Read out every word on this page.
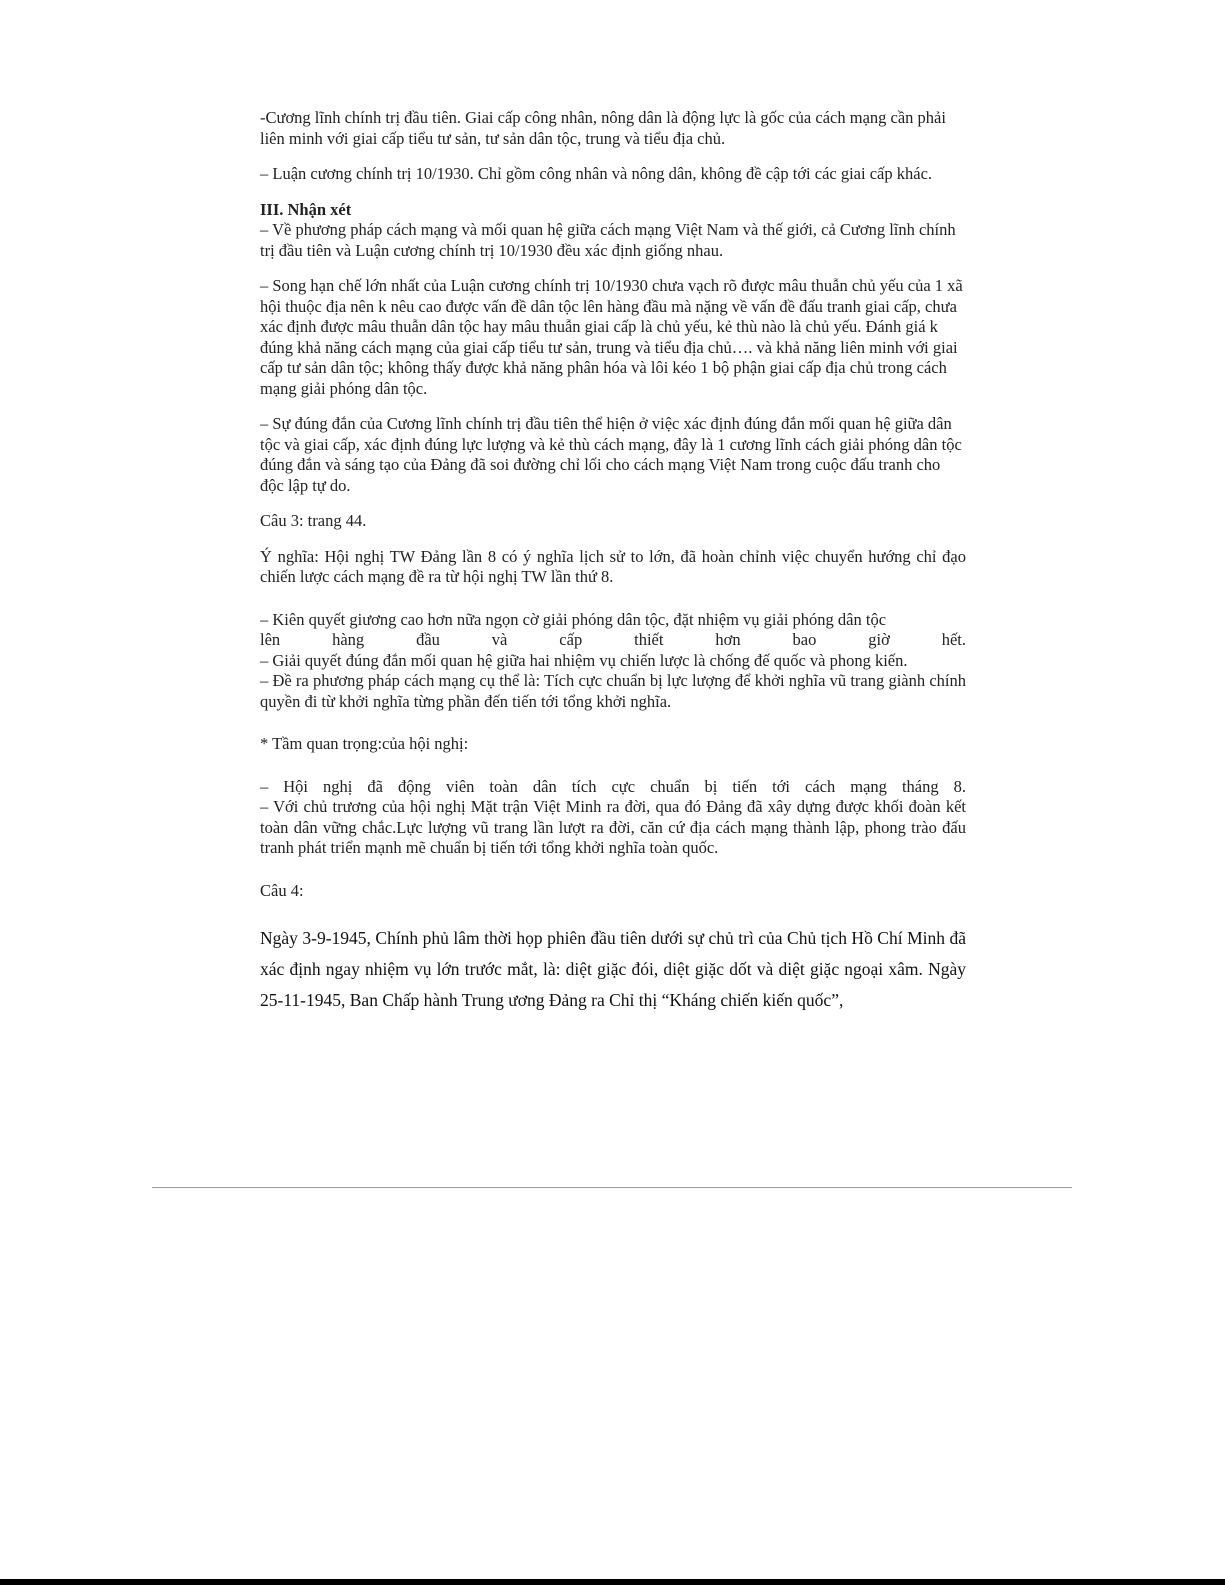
-Cương lĩnh chính trị đầu tiên. Giai cấp công nhân, nông dân là động lực là gốc của cách mạng cần phải liên minh với giai cấp tiểu tư sản, tư sản dân tộc, trung và tiểu địa chủ.

– Luận cương chính trị 10/1930. Chỉ gồm công nhân và nông dân, không đề cập tới các giai cấp khác.

III. Nhận xét

– Về phương pháp cách mạng và mối quan hệ giữa cách mạng Việt Nam và thế giới, cả Cương lĩnh chính trị đầu tiên và Luận cương chính trị 10/1930 đều xác định giống nhau.

– Song hạn chế lớn nhất của Luận cương chính trị 10/1930 chưa vạch rõ được mâu thuẫn chủ yếu của 1 xã hội thuộc địa nên k nêu cao được vấn đề dân tộc lên hàng đầu mà nặng về vấn đề đấu tranh giai cấp, chưa xác định được mâu thuẫn dân tộc hay mâu thuẫn giai cấp là chủ yếu, kẻ thù nào là chủ yếu. Đánh giá k đúng khả năng cách mạng của giai cấp tiểu tư sản, trung và tiểu địa chủ…. và khả năng liên minh với giai cấp tư sản dân tộc; không thấy được khả năng phân hóa và lôi kéo 1 bộ phận giai cấp địa chủ trong cách mạng giải phóng dân tộc.

– Sự đúng đắn của Cương lĩnh chính trị đầu tiên thể hiện ở việc xác định đúng đắn mối quan hệ giữa dân tộc và giai cấp, xác định đúng lực lượng và kẻ thù cách mạng, đây là 1 cương lĩnh cách giải phóng dân tộc đúng đắn và sáng tạo của Đảng đã soi đường chỉ lối cho cách mạng Việt Nam trong cuộc đấu tranh cho độc lập tự do.

Câu 3: trang 44.

Ý nghĩa: Hội nghị TW Đảng lần 8 có ý nghĩa lịch sử to lớn, đã hoàn chỉnh việc chuyển hướng chỉ đạo chiến lược cách mạng đề ra từ hội nghị TW lần thứ 8.

– Kiên quyết giương cao hơn nữa ngọn cờ giải phóng dân tộc, đặt nhiệm vụ giải phóng dân tộc
lên hàng đầu và cấp thiết hơn bao giờ hết.
– Giải quyết đúng đắn mối quan hệ giữa hai nhiệm vụ chiến lược là chống đế quốc và phong kiến.
– Đề ra phương pháp cách mạng cụ thể là: Tích cực chuẩn bị lực lượng để khởi nghĩa vũ trang giành chính quyền đi từ khởi nghĩa từng phần đến tiến tới tổng khởi nghĩa.

* Tầm quan trọng:của hội nghị:

– Hội nghị đã động viên toàn dân tích cực chuẩn bị tiến tới cách mạng tháng 8.
– Với chủ trương của hội nghị Mặt trận Việt Minh ra đời, qua đó Đảng đã xây dựng được khối đoàn kết toàn dân vững chắc.Lực lượng vũ trang lần lượt ra đời, căn cứ địa cách mạng thành lập, phong trào đấu tranh phát triển mạnh mẽ chuẩn bị tiến tới tổng khởi nghĩa toàn quốc.

Câu 4:

Ngày 3-9-1945, Chính phủ lâm thời họp phiên đầu tiên dưới sự chủ trì của Chủ tịch Hồ Chí Minh đã xác định ngay nhiệm vụ lớn trước mắt, là: diệt giặc đói, diệt giặc dốt và diệt giặc ngoại xâm. Ngày 25-11-1945, Ban Chấp hành Trung ương Đảng ra Chỉ thị “Kháng chiến kiến quốc”,
